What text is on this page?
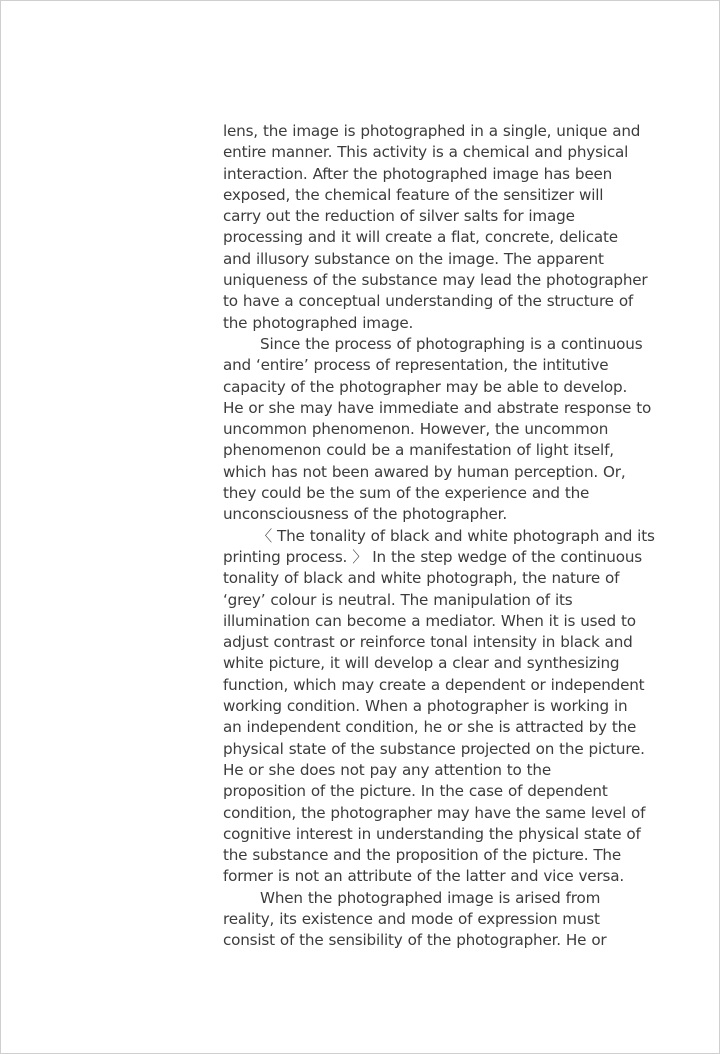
lens, the image is photographed in a single, unique and
entire manner. This activity is a chemical and physical
interaction. After the photographed image has been
exposed, the chemical feature of the sensitizer will
carry out the reduction of silver salts for image
processing and it will create a flat, concrete, delicate
and illusory substance on the image. The apparent
uniqueness of the substance may lead the photographer
to have a conceptual understanding of the structure of
the photographed image.
Since the process of photographing is a continuous
and ‘entire’ process of representation, the intitutive
capacity of the photographer may be able to develop.
He or she may have immediate and abstrate response to
uncommon phenomenon. However, the uncommon
phenomenon could be a manifestation of light itself,
which has not been awared by human perception. Or,
they could be the sum of the experience and the
unconsciousness of the photographer.
〈 The tonality of black and white photograph and its
printing process. 〉 In the step wedge of the continuous
tonality of black and white photograph, the nature of
‘grey’ colour is neutral. The manipulation of its
illumination can become a mediator. When it is used to
adjust contrast or reinforce tonal intensity in black and
white picture, it will develop a clear and synthesizing
function, which may create a dependent or independent
working condition. When a photographer is working in
an independent condition, he or she is attracted by the
physical state of the substance projected on the picture.
He or she does not pay any attention to the
proposition of the picture. In the case of dependent
condition, the photographer may have the same level of
cognitive interest in understanding the physical state of
the substance and the proposition of the picture. The
former is not an attribute of the latter and vice versa.
When the photographed image is arised from
reality, its existence and mode of expression must
consist of the sensibility of the photographer. He or
